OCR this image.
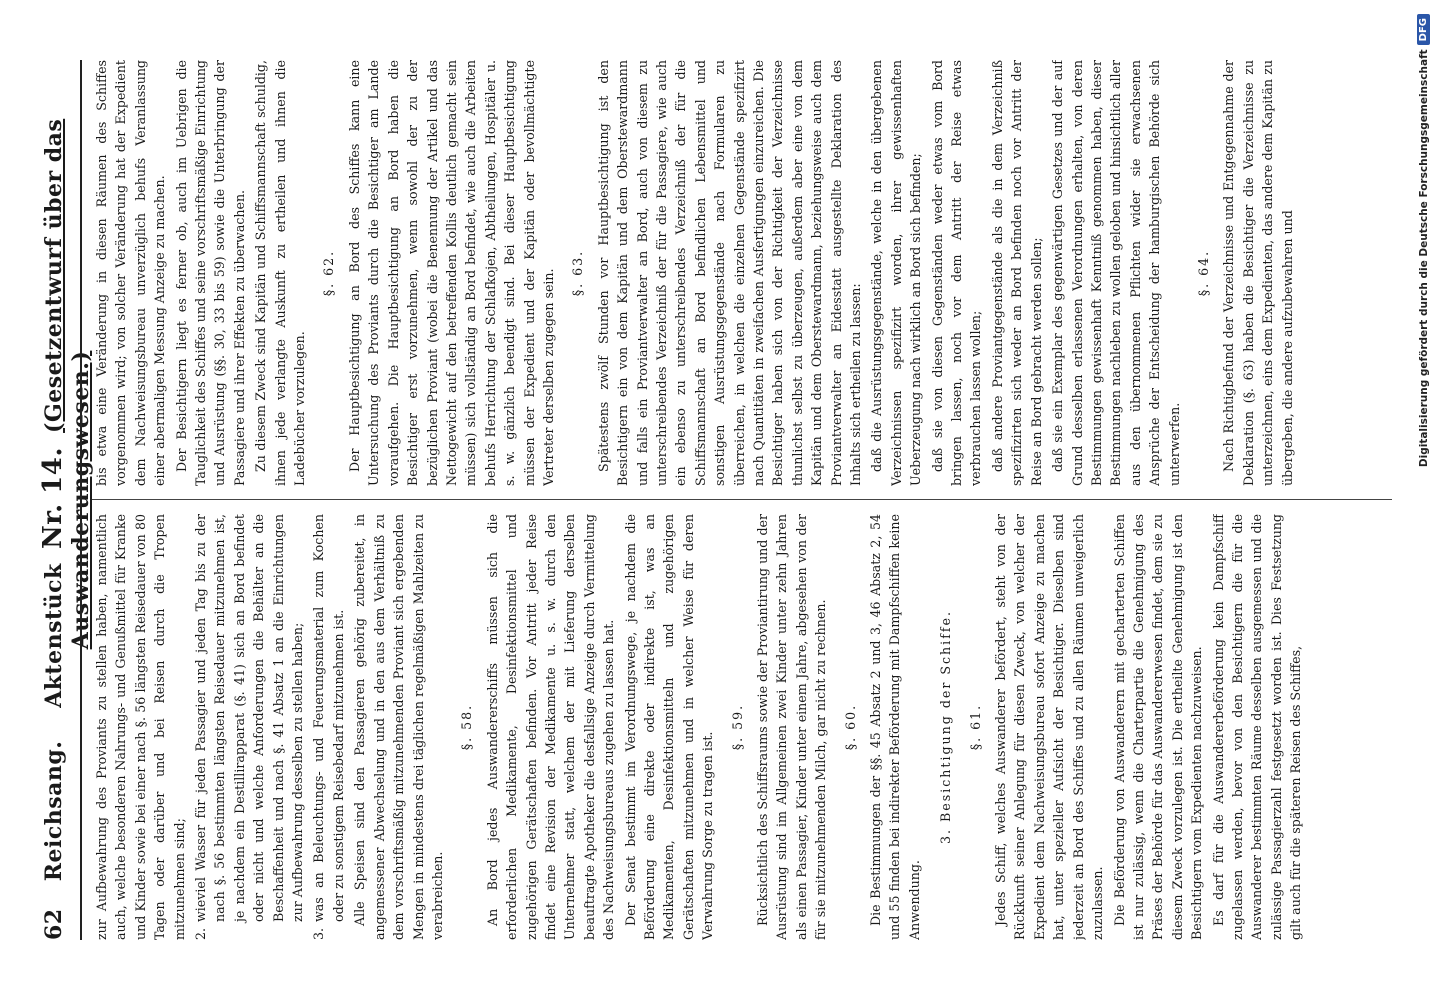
62
Reichsang.    Aktenstück Nr. 14. (Gesetzentwurf über das Auswanderungswesen.)

zur Aufbewahrung des Proviants zu stellen haben, namentlich auch, welche besonderen Nahrungs- und Genußmittel für Kranke und Kinder sowie bei einer nach §. 56 längsten Reisedauer von 80 Tagen oder darüber und bei Reisen durch die Tropen mitzunehmen sind; 2.
wieviel Wasser für jeden Passagier und jeden Tag bis zu der nach §. 56 bestimmten längsten Reisedauer mitzunehmen ist, je nachdem ein Destillirapparat (§. 41) sich an Bord befindet oder nicht und welche Anforderungen die Behälter an die Beschaffenheit und nach §. 41 Absatz 1 an die Einrichtungen zur Aufbewahrung desselben zu stellen haben;
3.
was an Beleuchtungs- und Feuerungsmaterial zum Kochen oder zu sonstigem Reisebedarf mitzunehmen ist. Alle Speisen sind den Passagieren gehörig zubereitet, in angemessener Abwechselung und in den aus dem Verhältniß zu dem vorschriftsmäßig mitzunehmenden Proviant sich ergebenden Mengen in mindestens drei täglichen regelmäßigen Mahlzeiten zu verabreichen.

§. 58. An Bord jedes Auswandererschiffs müssen sich die erforderlichen Medikamente, Desinfektionsmittel und zugehörigen Gerätschaften befinden. Vor Antritt jeder Reise findet eine Revision der Medikamente u. s. w. durch den Unternehmer statt, welchem der mit Lieferung derselben beauftragte Apotheker die desfallsige Anzeige durch Vermittelung des Nachweisungsbureaus zugehen zu lassen hat. Der Senat bestimmt im Verordnungswege, je nachdem die Beförderung eine direkte oder indirekte ist, was an Medikamenten, Desinfektionsmitteln und zugehörigen Gerätschaften mitzunehmen und in welcher Weise für deren Verwahrung Sorge zu tragen ist.

§. 59. Rücksichtlich des Schiffsraums sowie der Proviantirung und der Ausrüstung sind im Allgemeinen zwei Kinder unter zehn Jahren als einen Passagier, Kinder unter einem Jahre, abgesehen von der für sie mitzunehmenden Milch, gar nicht zu rechnen. §. 60. Die Bestimmungen der §§. 45 Absatz 2 und 3, 46 Absatz 2, 54 und 55 finden bei indirekter Beförderung mit Dampfschiffen keine Anwendung.

3. Besichtigung der Schiffe. §. 61. Jedes Schiff, welches Auswanderer befördert, steht von der Rückkunft seiner Anlegung für diesen Zweck, von welcher der Expedient dem Nachweisungsbureau sofort Anzeige zu machen hat, unter spezieller Aufsicht der Besichtiger. Dieselben sind jederzeit an Bord des Schiffes und zu allen Räumen unweigerlich zuzulassen. Die Beförderung von Auswanderern mit gecharterten Schiffen ist nur zulässig, wenn die Charterpartie die Genehmigung des Präses der Behörde für das Auswandererwesen findet, dem sie zu diesem Zweck vorzulegen ist. Die ertheilte Genehmigung ist den Besichtigern vom Expedienten nachzuweisen. Es darf für die Auswandererbeförderung kein Dampfschiff zugelassen werden, bevor von den Besichtigern die für die Auswanderer bestimmten Räume desselben ausgemessen und die zulässige Passagierzahl festgesetzt worden ist. Dies Festsetzung gilt auch für die späteren Reisen des Schiffes,

bis etwa eine Veränderung in diesen Räumen des Schiffes vorgenommen wird; von solcher Veränderung hat der Expedient dem Nachweisungsbureau unverzüglich behufs Veranlassung einer abermaligen Messung Anzeige zu machen. Der Besichtigern liegt es ferner ob, auch im Uebrigen die Tauglichkeit des Schiffes und seine vorschriftsmäßige Einrichtung und Ausrüstung (§§. 30, 33 bis 59) sowie die Unterbringung der Passagiere und ihrer Effekten zu überwachen. Zu diesem Zweck sind Kapitän und Schiffsmannschaft schuldig, ihnen jede verlangte Auskunft zu ertheilen und ihnen die Ladebücher vorzulegen.

§. 62. Der Hauptbesichtigung an Bord des Schiffes kann eine Untersuchung des Proviants durch die Besichtiger am Lande voraufgehen. Die Hauptbesichtigung an Bord haben die Besichtiger erst vorzunehmen, wenn sowohl der zu der bezüglichen Proviant (wobei die Benennung der Artikel und das Nettogewicht auf den betreffenden Kollis deutlich gemacht sein müssen) sich vollständig an Bord befindet, wie auch die Arbeiten behufs Herrichtung der Schlafkojen, Abtheilungen, Hospitäler u. s. w. gänzlich beendigt sind. Bei dieser Hauptbesichtigung müssen der Expedient und der Kapitän oder bevollmächtigte Vertreter derselben zugegen sein. §. 63. Spätestens zwölf Stunden vor Hauptbesichtigung ist den Besichtigern ein von dem Kapitän und dem Oberstewardmann und falls ein Proviantverwalter an Bord, auch von diesem zu unterschreibendes Verzeichniß der für die Passagiere, wie auch ein ebenso zu unterschreibendes Verzeichniß der für die Schiffsmannschaft an Bord befindlichen Lebensmittel und sonstigen Ausrüstungsgegenstände nach Formularen zu überreichen, in welchen die einzelnen Gegenstände spezifizirt nach Quantitäten in zweifachen Ausfertigungen einzureichen. Die Besichtiger haben sich von der Richtigkeit der Verzeichnisse thunlichst selbst zu überzeugen, außerdem aber eine von dem Kapitän und dem Oberstewardmann, beziehungsweise auch dem Proviantverwalter an Eidesstatt ausgestellte Deklaration des Inhalts sich ertheilen zu lassen: daß die Ausrüstungsgegenstände, welche in den übergebenen Verzeichnissen spezifizirt worden, ihrer gewissenhaften Ueberzeugung nach wirklich an Bord sich befinden; daß sie von diesen Gegenständen weder etwas vom Bord bringen lassen, noch vor dem Antritt der Reise etwas verbrauchen lassen wollen; daß andere Proviantgegenstände als die in dem Verzeichniß spezifizirten sich weder an Bord befinden noch vor Antritt der Reise an Bord gebracht werden sollen; daß sie ein Exemplar des gegenwärtigen Gesetzes und der auf Grund desselben erlassenen Verordnungen erhalten, von deren Bestimmungen gewissenhaft Kenntniß genommen haben, dieser Bestimmungen nachleben zu wollen geloben und hinsichtlich aller aus den übernommenen Pflichten wider sie erwachsenen Ansprüche der Entscheidung der hamburgischen Behörde sich unterwerfen.

§. 64. Nach Richtigbefund der Verzeichnisse und Entgegennahme der Deklaration (§. 63) haben die Besichtiger die Verzeichnisse zu unterzeichnen, eins dem Expedienten, das andere dem Kapitän zu übergeben, die andere aufzubewahren und	Digitalisierung gefördert durch die Deutsche Forschungsgemeinschaft
DFG
